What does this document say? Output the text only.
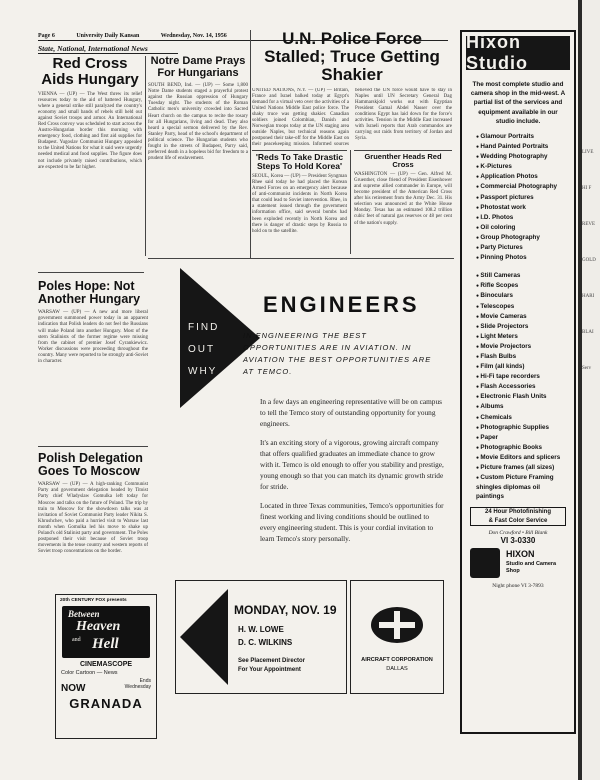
Page 6	University Daily Kansan	Wednesday, Nov. 14, 1956
State, National, International News
Red Cross Aids Hungary

VIENNA — (UP) — The West threw its relief resources today to the aid of battered Hungary, where a general strike still paralyzed the country's economy and small bands of rebels still held out against Soviet troops and armor. An International Red Cross convoy was scheduled to start across the Austro-Hungarian border this morning with emergency food, clothing and first aid supplies for Budapest. Yugoslav Communist Hungary appealed to the United Nations for what it said were urgently needed medical and food supplies. The figure does not include privately raised contributions, which are expected to be far higher.

Notre Dame Prays For Hungarians

SOUTH BEND, Ind. — (UP) — Some 1,800 Notre Dame students staged a prayerful protest against the Russian oppression of Hungary Tuesday night. The students of the Roman Catholic men's university crowded into Sacred Heart church on the campus to recite the rosary for all Hungarians, living and dead. They also heard a special sermon delivered by the Rev. Stanley Parry, head of the school's department of political science. The Hungarian students who fought in the streets of Budapest, Parry said, preferred death in a hopeless bid for freedom to a prudent life of enslavement.

U.N. Police Force Stalled; Truce Getting Shakier

UNITED NATIONS, N.Y. — (UP) — Britain, France and Israel balked today at Egypt's demand for a virtual veto over the activities of a United Nations Middle East police force. The shaky truce was getting shakier. Canadian soldiers joined Colombian, Danish and Norwegian troops today at the UN staging area outside Naples, but technical reasons again postponed their take-off for the Middle East on their peacekeeping mission. Informed sources believed the UN force would have to stay in Naples until UN Secretary General Dag Hammarskjold works out with Egyptian President Gamal Abdel Nasser over the conditions Egypt has laid down for the force's activities. Tension in the Middle East increased with Israeli reports that Arab commandos are carrying out raids from territory of Jordan and Syria.

'Reds To Take Drastic Steps To Hold Korea'

SEOUL, Korea — (UP) — President Syngman Rhee said today he had placed the Korean Armed Forces on an emergency alert because of anti-communist incidents in North Korea that could lead to Soviet intervention. Rhee, in a statement issued through the government information office, said several bombs had been exploded recently in North Korea and there is danger of drastic steps by Russia to hold on to the satellite.

Gruenther Heads Red Cross

WASHINGTON — (UP) — Gen. Alfred M. Gruenther, close friend of President Eisenhower and supreme allied commander in Europe, will become president of the American Red Cross after his retirement from the Army Dec. 31. His selection was announced at the White House Monday. Texas has an estimated 108.2 trillion cubic feet of natural gas reserves or 48 per cent of the nation's supply.

Poles Hope: Not Another Hungary

WARSAW — (UP) — A new and more liberal government summoned power today in an apparent indication that Polish leaders do not feel the Russians will make Poland into another Hungary. Most of the stern Stalinists of the former regime were missing from the cabinet of premier Josef Cyrankiewicz. Worker discussions were proceeding throughout the country. Many were reported to be strongly anti-Soviet in character.

Polish Delegation Goes To Moscow

WARSAW — (UP) — A high-ranking Communist Party and government delegation headed by Titoist Party chief Wladyslaw Gomulka left today for Moscow and talks on the future of Poland. The trip by train to Moscow for the showdown talks was at invitation of Soviet Communist Party leader Nikita S. Khrushchev, who paid a hurried visit to Warsaw last month when Gomulka led his move to shake up Poland's old Stalinist party and government. The Poles postponed their visit because of Soviet troop movements in the tense country and western reports of Soviet troop concentrations on the border.

20th CENTURY FOX presents
Between
Heaven
and Hell
CINEMASCOPE
Color Cartoon — News
NOW
Ends Wednesday
GRANADA
FIND
OUT
WHY
ENGINEERS
IN ENGINEERING THE BEST OPPORTUNITIES ARE IN AVIATION. IN AVIATION THE BEST OPPORTUNITIES ARE AT TEMCO.

In a few days an engineering representative will be on campus to tell the Temco story of outstanding opportunity for young engineers.

It's an exciting story of a vigorous, growing aircraft company that offers qualified graduates an immediate chance to grow with it. Temco is old enough to offer you stability and prestige, young enough so that you can match its dynamic growth stride for stride.

Located in three Texas communities, Temco's opportunities for finest working and living conditions should be outlined to every engineering student. This is your cordial invitation to learn Temco's story personally.

MONDAY, NOV. 19
H. W. LOWE
D. C. WILKINS
See Placement Director
For Your Appointment
AIRCRAFT CORPORATION
DALLAS
Hixon Studio
The most complete studio and camera shop in the mid-west. A partial list of the services and equipment available in our studio include.
● Glamour Portraits
● Hand Painted Portraits
● Wedding Photography
● K-Pictures
● Application Photos
● Commercial Photography
● Passport pictures
● Photostat work
● I.D. Photos
● Oil coloring
● Group Photography
● Party Pictures
● Pinning Photos
● Still Cameras
● Rifle Scopes
● Binoculars
● Telescopes
● Movie Cameras
● Slide Projectors
● Light Meters
● Movie Projectors
● Flash Bulbs
● Film (all kinds)
● Hi-Fi tape recorders
● Flash Accessories
● Electronic Flash Units
● Albums
● Chemicals
● Photographic Supplies
● Paper
● Photographic Books
● Movie Editors and splicers
● Picture frames (all sizes)
● Custom Picture Framing shingles diplomas oil paintings
24 Hour Photofinishing
& Fast Color Service
Don Crawford • Bill Blank
VI 3-0330
HIXON
Studio and Camera Shop
Night phone VI 3-7893
LIVE
HI F
REVE
GOLD
HARI
BLAI
Serv
